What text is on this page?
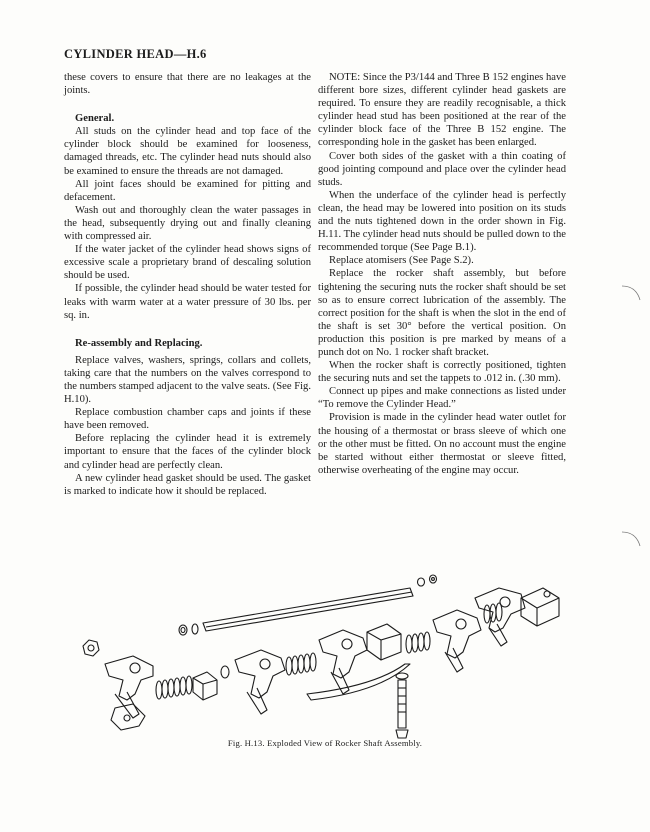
CYLINDER HEAD—H.6

these covers to ensure that there are no leakages at the joints.

General.

All studs on the cylinder head and top face of the cylinder block should be examined for looseness, damaged threads, etc. The cylinder head nuts should also be examined to ensure the threads are not damaged.

All joint faces should be examined for pitting and defacement.

Wash out and thoroughly clean the water passages in the head, subsequently drying out and finally cleaning with compressed air.

If the water jacket of the cylinder head shows signs of excessive scale a proprietary brand of descaling solution should be used.

If possible, the cylinder head should be water tested for leaks with warm water at a water pressure of 30 lbs. per sq. in.

Re-assembly and Replacing.

Replace valves, washers, springs, collars and collets, taking care that the numbers on the valves correspond to the numbers stamped adjacent to the valve seats. (See Fig. H.10).

Replace combustion chamber caps and joints if these have been removed.

Before replacing the cylinder head it is extremely important to ensure that the faces of the cylinder block and cylinder head are perfectly clean.

A new cylinder head gasket should be used. The gasket is marked to indicate how it should be replaced.

NOTE: Since the P3/144 and Three B 152 engines have different bore sizes, different cylinder head gaskets are required. To ensure they are readily recognisable, a thick cylinder head stud has been positioned at the rear of the cylinder block face of the Three B 152 engine. The corresponding hole in the gasket has been enlarged.

Cover both sides of the gasket with a thin coating of good jointing compound and place over the cylinder head studs.

When the underface of the cylinder head is perfectly clean, the head may be lowered into position on its studs and the nuts tightened down in the order shown in Fig. H.11. The cylinder head nuts should be pulled down to the recommended torque (See Page B.1).

Replace atomisers (See Page S.2).

Replace the rocker shaft assembly, but before tightening the securing nuts the rocker shaft should be set so as to ensure correct lubrication of the assembly. The correct position for the shaft is when the slot in the end of the shaft is set 30° before the vertical position. On production this position is pre marked by means of a punch dot on No. 1 rocker shaft bracket.

When the rocker shaft is correctly positioned, tighten the securing nuts and set the tappets to .012 in. (.30 mm).

Connect up pipes and make connections as listed under “To remove the Cylinder Head.”

Provision is made in the cylinder head water outlet for the housing of a thermostat or brass sleeve of which one or the other must be fitted. On no account must the engine be started without either thermostat or sleeve fitted, otherwise overheating of the engine may occur.

Fig. H.13. Exploded View of Rocker Shaft Assembly.
